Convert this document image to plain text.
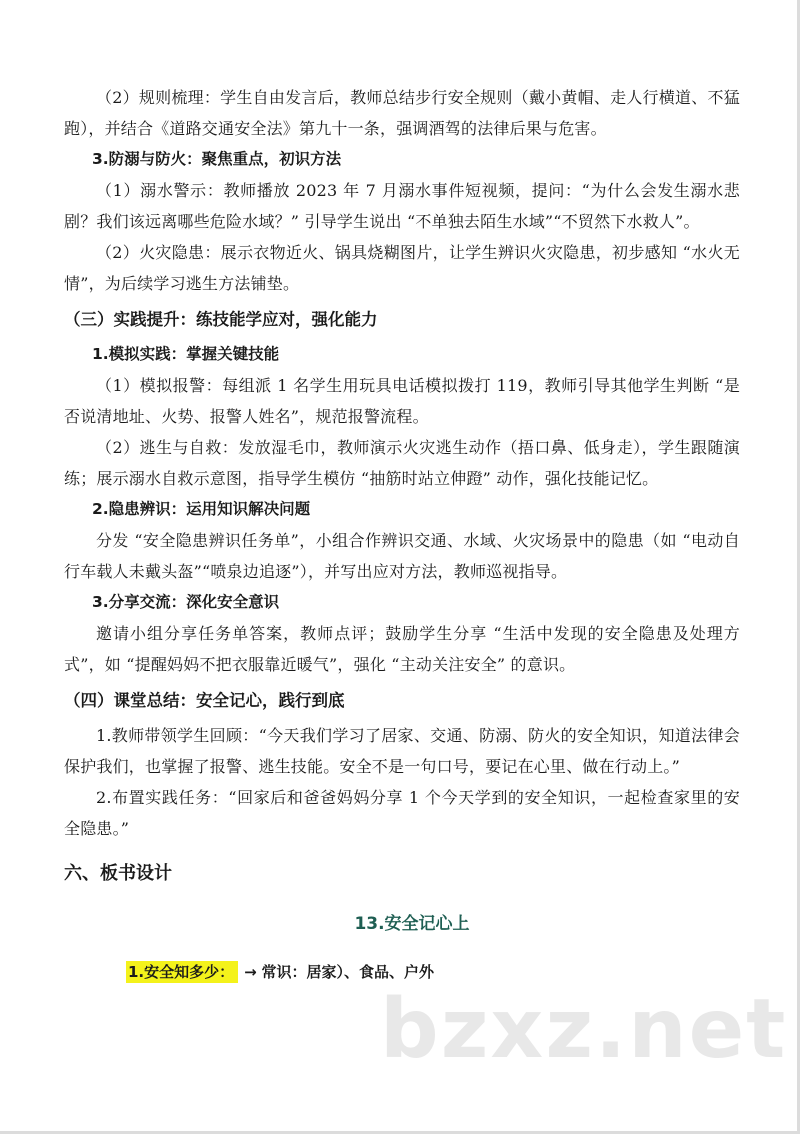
（2）规则梳理：学生自由发言后，教师总结步行安全规则（戴小黄帽、走人行横道、不猛跑），并结合《道路交通安全法》第九十一条，强调酒驾的法律后果与危害。

3.防溺与防火：聚焦重点，初识方法

（1）溺水警示：教师播放 2023 年 7 月溺水事件短视频，提问：“为什么会发生溺水悲剧？我们该远离哪些危险水域？” 引导学生说出 “不单独去陌生水域”“不贸然下水救人”。

（2）火灾隐患：展示衣物近火、锅具烧糊图片，让学生辨识火灾隐患，初步感知 “水火无情”，为后续学习逃生方法铺垫。

（三）实践提升：练技能学应对，强化能力

1.模拟实践：掌握关键技能

（1）模拟报警：每组派 1 名学生用玩具电话模拟拨打 119，教师引导其他学生判断 “是否说清地址、火势、报警人姓名”，规范报警流程。

（2）逃生与自救：发放湿毛巾，教师演示火灾逃生动作（捂口鼻、低身走），学生跟随演练；展示溺水自救示意图，指导学生模仿 “抽筋时站立伸蹬” 动作，强化技能记忆。

2.隐患辨识：运用知识解决问题

分发 “安全隐患辨识任务单”，小组合作辨识交通、水域、火灾场景中的隐患（如 “电动自行车载人未戴头盔”“喷泉边追逐”），并写出应对方法，教师巡视指导。

3.分享交流：深化安全意识

邀请小组分享任务单答案，教师点评；鼓励学生分享 “生活中发现的安全隐患及处理方式”，如 “提醒妈妈不把衣服靠近暖气”，强化 “主动关注安全” 的意识。

（四）课堂总结：安全记心，践行到底

1.教师带领学生回顾：“今天我们学习了居家、交通、防溺、防火的安全知识，知道法律会保护我们，也掌握了报警、逃生技能。安全不是一句口号，要记在心里、做在行动上。”

2.布置实践任务：“回家后和爸爸妈妈分享 1 个今天学到的安全知识，一起检查家里的安全隐患。”

六、板书设计

13.安全记心上

1.安全知多少： → 常识：居家）、食品、户外

bzxz.net
